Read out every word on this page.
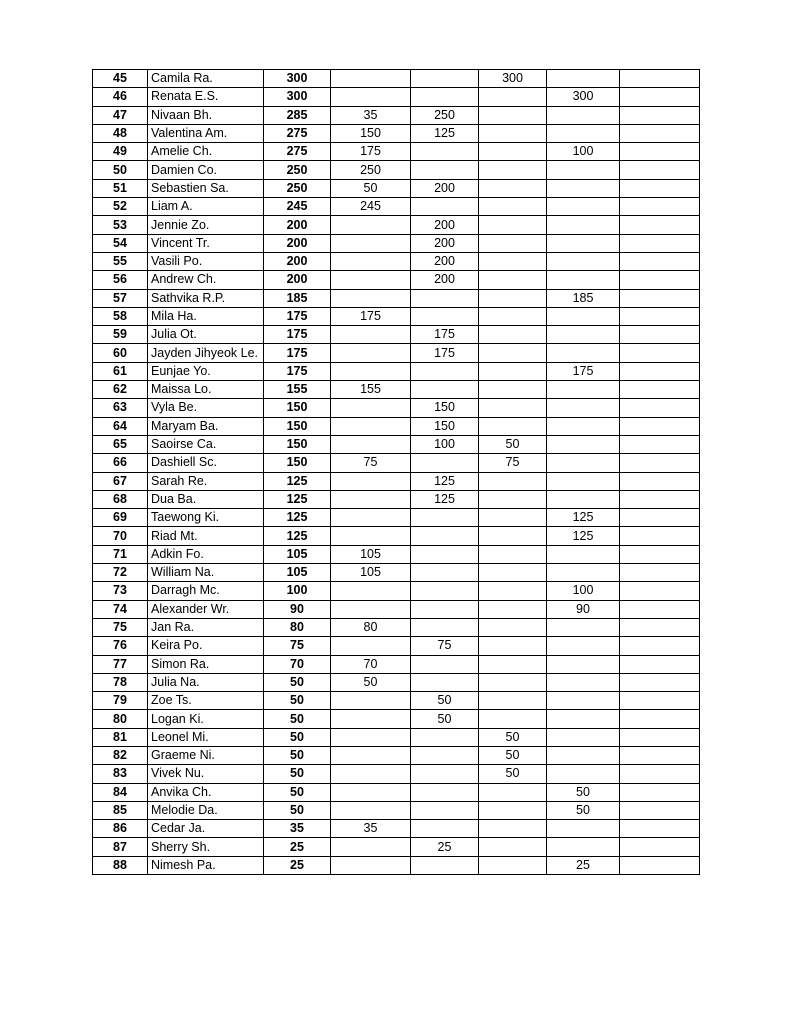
45	Camila Ra.	300			300		
46	Renata E.S.	300				300	
47	Nivaan Bh.	285	35	250			
48	Valentina Am.	275	150	125			
49	Amelie Ch.	275	175			100	
50	Damien Co.	250	250				
51	Sebastien Sa.	250	50	200			
52	Liam A.	245	245				
53	Jennie Zo.	200		200			
54	Vincent Tr.	200		200			
55	Vasili Po.	200		200			
56	Andrew Ch.	200		200			
57	Sathvika R.P.	185				185	
58	Mila Ha.	175	175				
59	Julia Ot.	175		175			
60	Jayden Jihyeok Le.	175		175			
61	Eunjae Yo.	175				175	
62	Maissa Lo.	155	155				
63	Vyla Be.	150		150			
64	Maryam Ba.	150		150			
65	Saoirse Ca.	150		100	50		
66	Dashiell Sc.	150	75		75		
67	Sarah Re.	125		125			
68	Dua Ba.	125		125			
69	Taewong Ki.	125				125	
70	Riad Mt.	125				125	
71	Adkin Fo.	105	105				
72	William Na.	105	105				
73	Darragh Mc.	100				100	
74	Alexander Wr.	90				90	
75	Jan Ra.	80	80				
76	Keira Po.	75		75			
77	Simon Ra.	70	70				
78	Julia Na.	50	50				
79	Zoe Ts.	50		50			
80	Logan Ki.	50		50			
81	Leonel Mi.	50			50		
82	Graeme Ni.	50			50		
83	Vivek Nu.	50			50		
84	Anvika Ch.	50				50	
85	Melodie Da.	50				50	
86	Cedar Ja.	35	35				
87	Sherry Sh.	25		25			
88	Nimesh Pa.	25				25	
